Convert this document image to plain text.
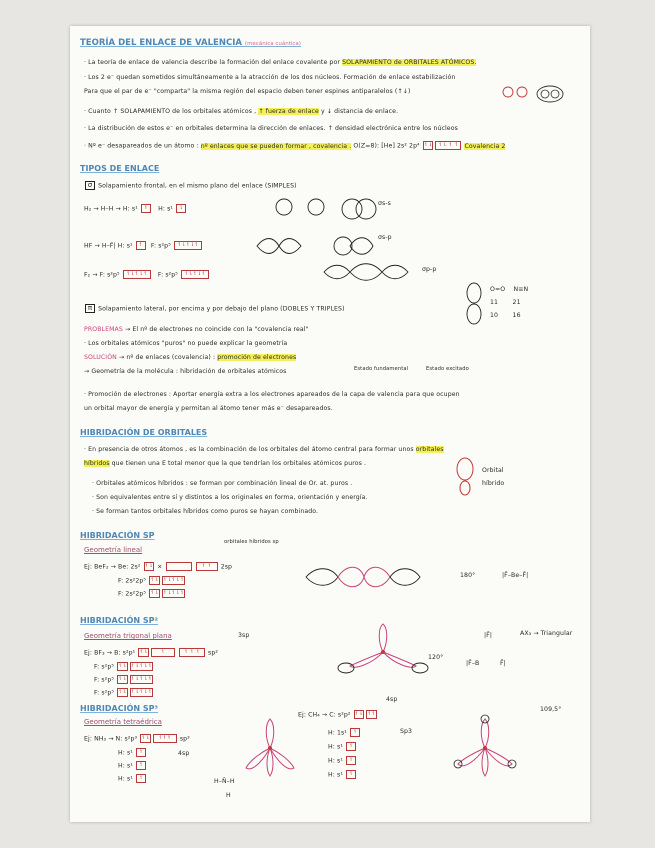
TEORÍA DEL ENLACE DE VALENCIA (mecánica cuántica)
· La teoría de enlace de valencia describe la formación del enlace covalente por SOLAPAMIENTO de ORBITALES ATÓMICOS.
· Los 2 e⁻ quedan sometidos simultáneamente a la atracción de los dos núcleos. Formación de enlace estabilización
Para que el par de e⁻ "comparta" la misma región del espacio deben tener espines antiparalelos (↑↓)
· Cuanto ↑ SOLAPAMIENTO de los orbitales atómicos , ↑ fuerza de enlace y ↓ distancia de enlace.
· La distribución de estos e⁻ en orbitales determina la dirección de enlaces. ↑ densidad electrónica entre los núcleos
· Nº e⁻ desapareados de un átomo : nº enlaces que se pueden formar , covalencia . O(Z=8): [He] 2s² 2p⁴ ↿⇂ ↿⇂ ↿ ↿ Covalencia 2
TIPOS DE ENLACE
σ Solapamiento frontal, en el mismo plano del enlace (SIMPLES)
H₂ → H–H → H: s¹ ↿ H: s¹ ⇂
σs-s
HF → H–F̄| H: s¹ ↿ F: s²p⁵ ↿⇂↿⇂↿
σs-p
F₂ → F: s²p⁵ ↿⇂↿⇂↿ F: s²p⁵ ↿⇂↿⇂↿
σp-p
O=O N≡N
11 21
10 16
π Solapamiento lateral, por encima y por debajo del plano (DOBLES Y TRIPLES)
PROBLEMAS → El nº de electrones no coincide con la "covalencia real"
· Los orbitales atómicos "puros" no puede explicar la geometría
SOLUCIÓN → nº de enlaces (covalencia) : promoción de electrones
→ Geometría de la molécula : hibridación de orbitales atómicos	Estado fundamental	Estado excitado
· Promoción de electrones : Aportar energía extra a los electrones apareados de la capa de valencia para que ocupen
un orbital mayor de energía y permitan al átomo tener más e⁻ desapareados.
HIBRIDACIÓN DE ORBITALES
· En presencia de otros átomos , es la combinación de los orbitales del átomo central para formar unos orbitales
híbridos que tienen una E total menor que la que tendrían los orbitales atómicos puros .
· Orbitales atómicos híbridos : se forman por combinación lineal de Or. at. puros .
· Son equivalentes entre sí y distintos a los originales en forma, orientación y energía.
· Se forman tantos orbitales híbridos como puros se hayan combinado.
Orbital
híbrido
HIBRIDACIÓN SP
Geometría lineal
orbitales híbridos sp
Ej: BeF₂ → Be: 2s² ↿⇂ ×	↿ ↿ 2sp
F: 2s²2p⁵ ↿⇂ ↿⇂↿⇂↿
F: 2s²2p⁵ ↿⇂ ↿⇂↿⇂↿
180°	|F̄–Be–F̄|
HIBRIDACIÓN SP²
Geometría trigonal plana	3sp
Ej: BF₃ → B: s²p¹ ↿⇂	↿	↿ ↿ ↿ sp²
F: s²p⁵ ↿⇂ ↿⇂↿⇂↿
F: s²p⁵ ↿⇂ ↿⇂↿⇂↿
F: s²p⁵ ↿⇂ ↿⇂↿⇂↿
120°
AX₃ → Triangular
|F̄|
|F̄–B	F̄|
HIBRIDACIÓN SP³
Geometría tetraédrica
Ej: NH₃ → N: s²p³ ↿⇂ ↿↿↿ sp³
H: s¹ ↿
H: s¹ ↿
H: s¹ ↿
4sp
H–N̄–H
H
Ej: CH₄ → C: s²p² ↿⇂ ↿↿
4sp
Sp3
H: 1s¹ ↿
H: s¹ ↿
H: s¹ ↿
H: s¹ ↿
109,5°
